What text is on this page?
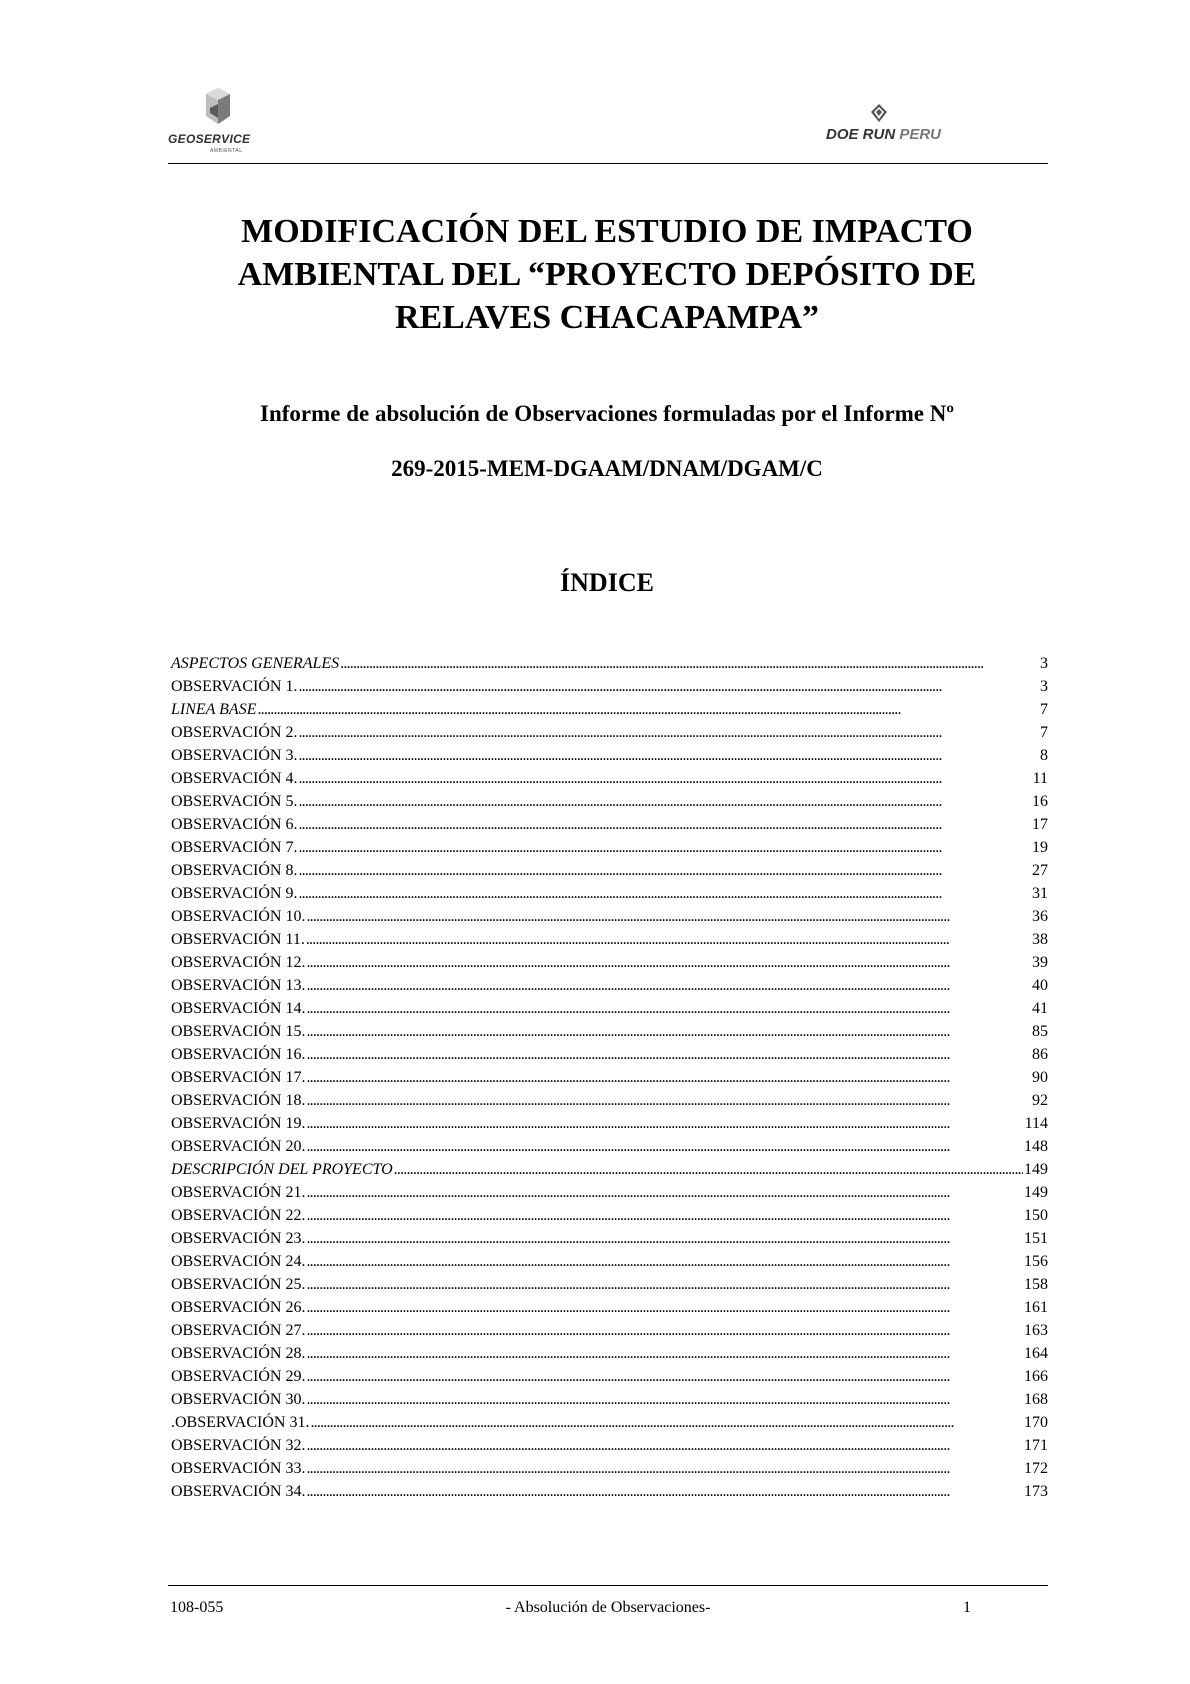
GEOSERVICE
AMBIENTAL
DOE RUN PERU
MODIFICACIÓN DEL ESTUDIO DE IMPACTO
AMBIENTAL DEL “PROYECTO DEPÓSITO DE
RELAVES CHACAPAMPA”
Informe de absolución de Observaciones formuladas por el Informe Nº
269-2015-MEM-DGAAM/DNAM/DGAM/C
ÍNDICE
ASPECTOS GENERALES . . .	3
OBSERVACIÓN 1. . . .	3
LINEA BASE . . .	7
OBSERVACIÓN 2. . . .	7
OBSERVACIÓN 3. . . .	8
OBSERVACIÓN 4. . . .	11
OBSERVACIÓN 5. . . .	16
OBSERVACIÓN 6. . . .	17
OBSERVACIÓN 7. . . .	19
OBSERVACIÓN 8. . . .	27
OBSERVACIÓN 9. . . .	31
OBSERVACIÓN 10. . . .	36
OBSERVACIÓN 11. . . .	38
OBSERVACIÓN 12. . . .	39
OBSERVACIÓN 13. . . .	40
OBSERVACIÓN 14. . . .	41
OBSERVACIÓN 15. . . .	85
OBSERVACIÓN 16. . . .	86
OBSERVACIÓN 17. . . .	90
OBSERVACIÓN 18. . . .	92
OBSERVACIÓN 19. . . .	114
OBSERVACIÓN 20. . . .	148
DESCRIPCIÓN DEL PROYECTO . . .	149
OBSERVACIÓN 21. . . .	149
OBSERVACIÓN 22. . . .	150
OBSERVACIÓN 23. . . .	151
OBSERVACIÓN 24. . . .	156
OBSERVACIÓN 25. . . .	158
OBSERVACIÓN 26. . . .	161
OBSERVACIÓN 27. . . .	163
OBSERVACIÓN 28. . . .	164
OBSERVACIÓN 29. . . .	166
OBSERVACIÓN 30. . . .	168
.OBSERVACIÓN 31. . . .	170
OBSERVACIÓN 32. . . .	171
OBSERVACIÓN 33. . . .	172
OBSERVACIÓN 34. . . .	173
108-055	- Absolución de Observaciones-	1
